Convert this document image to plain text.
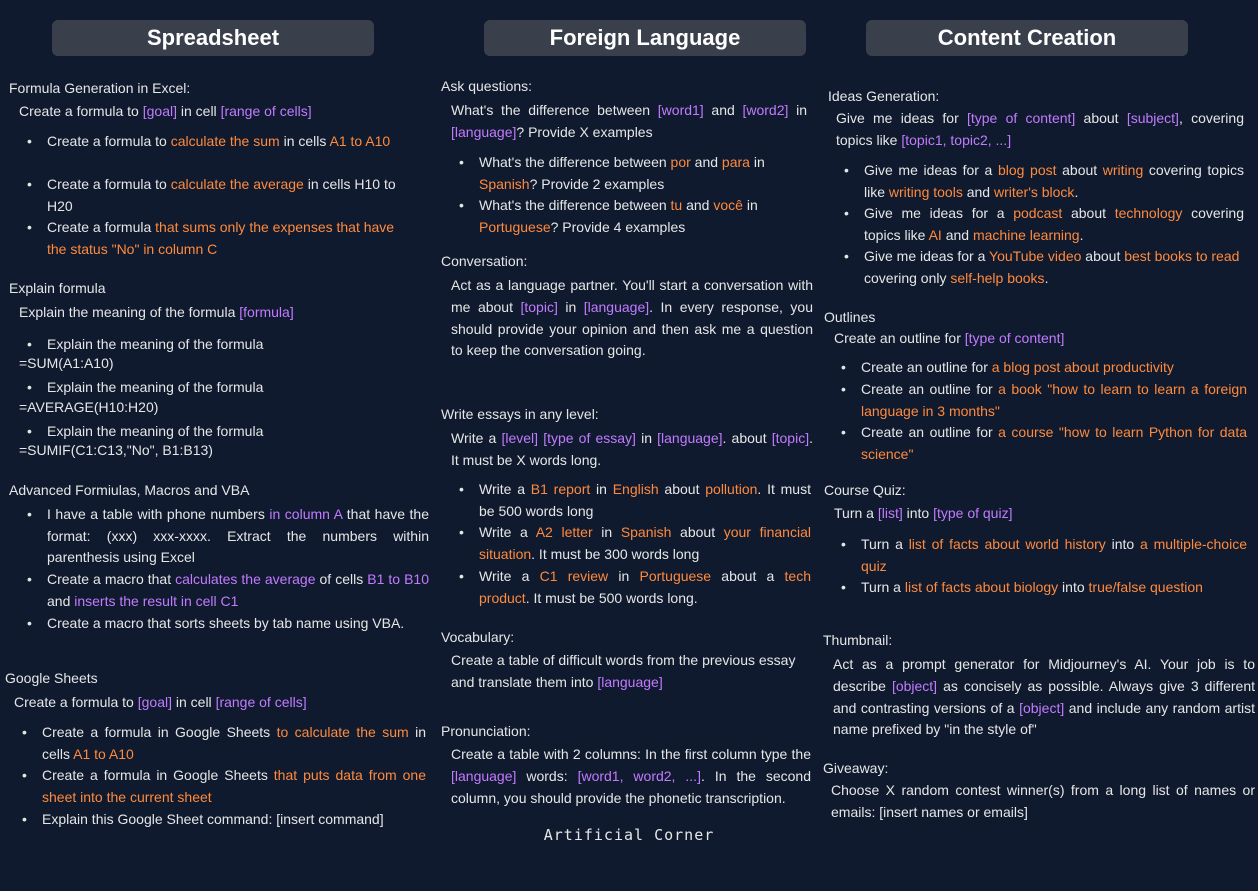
Spreadsheet	Foreign Language	Content Creation
Formula Generation in Excel:
Create a formula to [goal] in cell [range of cells]
• Create a formula to calculate the sum in cells A1 to A10
• Create a formula to calculate the average in cells H10 to H20
• Create a formula that sums only the expenses that have the status "No" in column C
Explain formula
Explain the meaning of the formula [formula]
• Explain the meaning of the formula
=SUM(A1:A10)
• Explain the meaning of the formula
=AVERAGE(H10:H20)
• Explain the meaning of the formula
=SUMIF(C1:C13,"No", B1:B13)
Advanced Formiulas, Macros and VBA
• I have a table with phone numbers in column A that have the format: (xxx) xxx-xxxx. Extract the numbers within parenthesis using Excel
• Create a macro that calculates the average of cells B1 to B10 and inserts the result in cell C1
• Create a macro that sorts sheets by tab name using VBA.
Google Sheets
Create a formula to [goal] in cell [range of cells]
• Create a formula in Google Sheets to calculate the sum in cells A1 to A10
• Create a formula in Google Sheets that puts data from one sheet into the current sheet
• Explain this Google Sheet command: [insert command]
Ask questions:
What's the difference between [word1] and [word2] in [language]? Provide X examples
• What's the difference between por and para in Spanish? Provide 2 examples
• What's the difference between tu and você in Portuguese? Provide 4 examples
Conversation:
Act as a language partner. You'll start a conversation with me about [topic] in [language]. In every response, you should provide your opinion and then ask me a question to keep the conversation going.
Write essays in any level:
Write a [level] [type of essay] in [language]. about [topic]. It must be X words long.
• Write a B1 report in English about pollution. It must be 500 words long
• Write a A2 letter in Spanish about your financial situation. It must be 300 words long
• Write a C1 review in Portuguese about a tech product. It must be 500 words long.
Vocabulary:
Create a table of difficult words from the previous essay and translate them into [language]
Pronunciation:
Create a table with 2 columns: In the first column type the [language] words: [word1, word2, ...]. In the second column, you should provide the phonetic transcription.
Ideas Generation:
Give me ideas for [type of content] about [subject], covering topics like [topic1, topic2, ...]
• Give me ideas for a blog post about writing covering topics like writing tools and writer's block.
• Give me ideas for a podcast about technology covering topics like AI and machine learning.
• Give me ideas for a YouTube video about best books to read covering only self-help books.
Outlines
Create an outline for [type of content]
• Create an outline for a blog post about productivity
• Create an outline for a book "how to learn to learn a foreign language in 3 months"
• Create an outline for a course "how to learn Python for data science"
Course Quiz:
Turn a [list] into [type of quiz]
• Turn a list of facts about world history into a multiple-choice quiz
• Turn a list of facts about biology into true/false question
Thumbnail:
Act as a prompt generator for Midjourney's AI. Your job is to describe [object] as concisely as possible. Always give 3 different and contrasting versions of a [object] and include any random artist name prefixed by "in the style of"
Giveaway:
Choose X random contest winner(s) from a long list of names or emails: [insert names or emails]
Artificial Corner
